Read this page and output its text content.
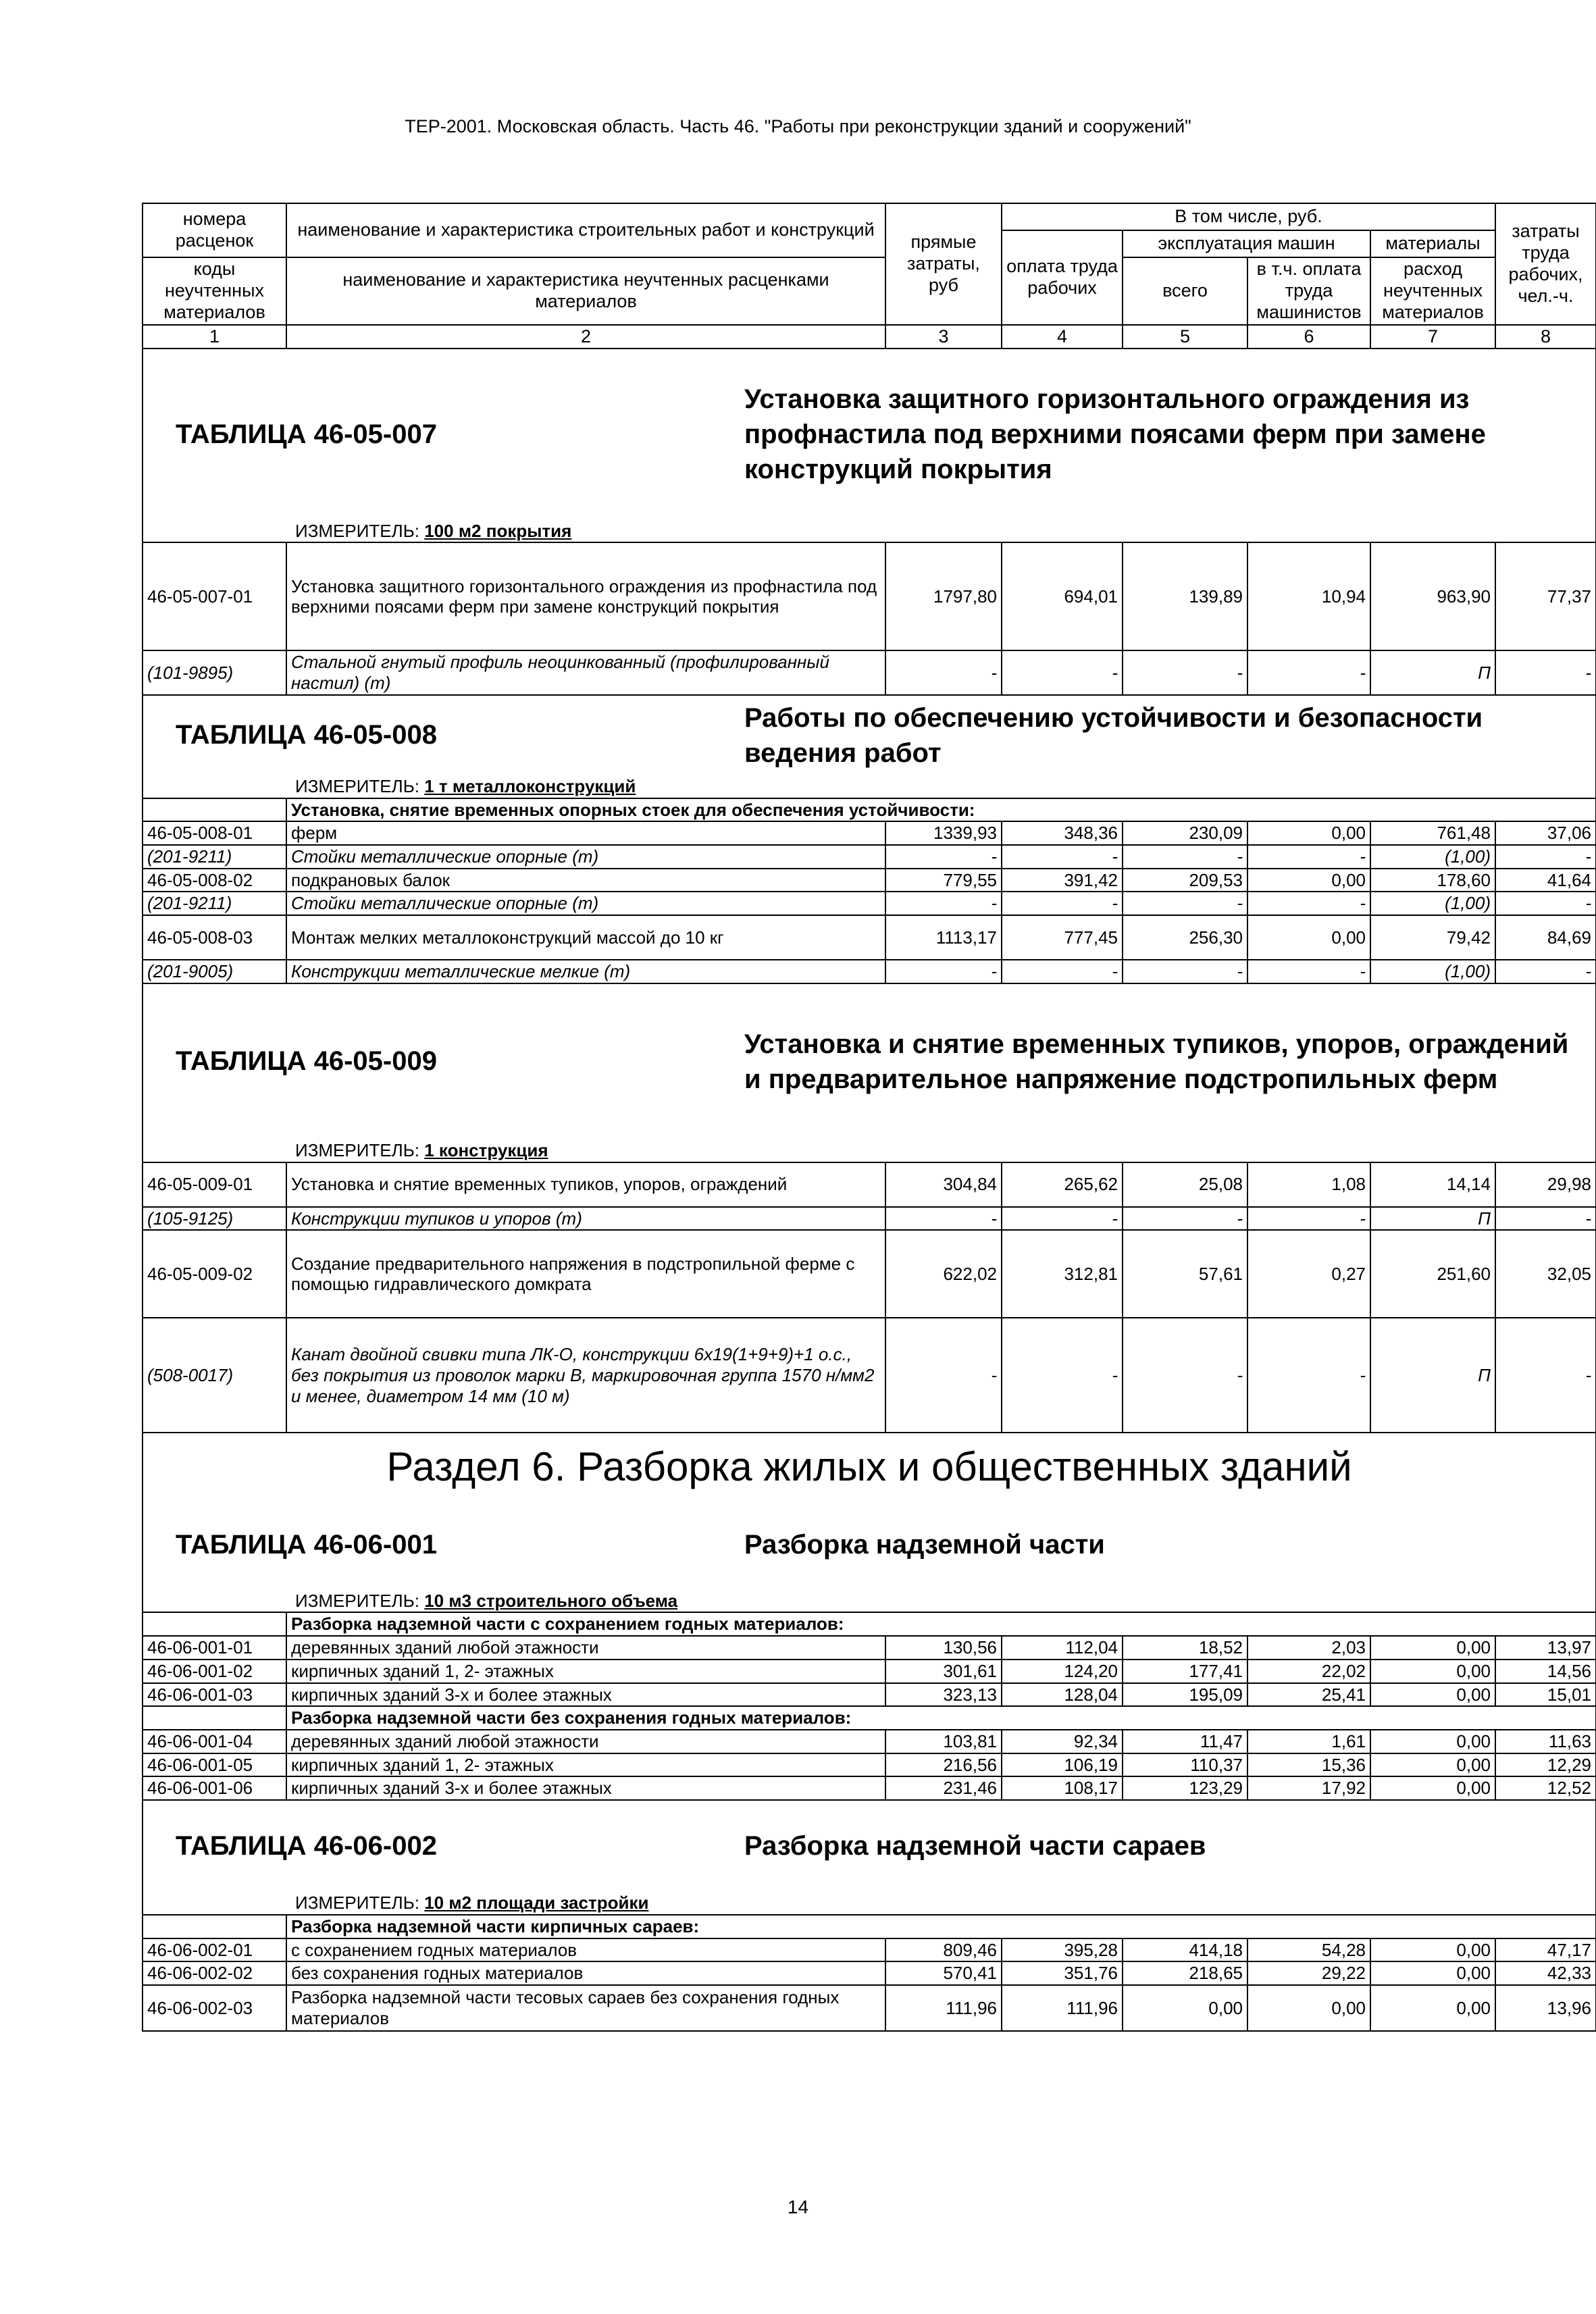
ТЕР-2001. Московская область. Часть 46. "Работы при реконструкции зданий и сооружений"
номера расценок	наименование и характеристика строительных работ и конструкций	прямые затраты, руб	В том числе, руб.				затраты труда рабочих, чел.-ч.
			оплата труда рабочих	эксплуатация машин		материалы	
коды неучтенных материалов	наименование и характеристика неучтенных расценками материалов			всего	в т.ч. оплата труда машинистов	расход неучтенных материалов	

1	2	3	4	5	6	7	8

ТАБЛИЦА 46-05-007
Установка защитного горизонтального ограждения из профнастила под верхними поясами ферм при замене конструкций покрытия							

ИЗМЕРИТЕЛЬ: 100 м2 покрытия							
46-05-007-01	Установка защитного горизонтального ограждения из профнастила под верхними поясами ферм при замене конструкций покрытия	1797,80	694,01	139,89	10,94	963,90	77,37
(101-9895)	Стальной гнутый профиль неоцинкованный (профилированный настил) (т)	-	-	-	-	П	-

ТАБЛИЦА 46-05-008
Работы по обеспечению устойчивости и безопасности ведения работ							

ИЗМЕРИТЕЛЬ: 1 т металлоконструкций							
	Установка, снятие временных опорных стоек для обеспечения устойчивости:						
46-05-008-01	ферм	1339,93	348,36	230,09	0,00	761,48	37,06
(201-9211)	Стойки металлические опорные (т)	-	-	-	-	(1,00)	-
46-05-008-02	подкрановых балок	779,55	391,42	209,53	0,00	178,60	41,64
(201-9211)	Стойки металлические опорные (т)	-	-	-	-	(1,00)	-
46-05-008-03	Монтаж мелких металлоконструкций массой до 10 кг	1113,17	777,45	256,30	0,00	79,42	84,69
(201-9005)	Конструкции металлические мелкие (т)	-	-	-	-	(1,00)	-

ТАБЛИЦА 46-05-009
Установка и снятие временных тупиков, упоров, ограждений и предварительное напряжение подстропильных ферм							

ИЗМЕРИТЕЛЬ: 1 конструкция							
46-05-009-01	Установка и снятие временных тупиков, упоров, ограждений	304,84	265,62	25,08	1,08	14,14	29,98
(105-9125)	Конструкции тупиков и упоров (т)	-	-	-	-	П	-
46-05-009-02	Создание предварительного напряжения в подстропильной ферме с помощью гидравлического домкрата	622,02	312,81	57,61	0,27	251,60	32,05
(508-0017)	Канат двойной свивки типа ЛК-О, конструкции 6х19(1+9+9)+1 о.с., без покрытия из проволок марки В, маркировочная группа 1570 н/мм2 и менее, диаметром 14 мм (10 м)	-	-	-	-	П	-
Раздел 6. Разборка жилых и общественных зданий							

ТАБЛИЦА 46-06-001 Разборка надземной части							

ИЗМЕРИТЕЛЬ: 10 м3 строительного объема							
	Разборка надземной части с сохранением годных материалов:						
46-06-001-01	деревянных зданий любой этажности	130,56	112,04	18,52	2,03	0,00	13,97
46-06-001-02	кирпичных зданий 1, 2- этажных	301,61	124,20	177,41	22,02	0,00	14,56
46-06-001-03	кирпичных зданий 3-х и более этажных	323,13	128,04	195,09	25,41	0,00	15,01
	Разборка надземной части без сохранения годных материалов:						
46-06-001-04	деревянных зданий любой этажности	103,81	92,34	11,47	1,61	0,00	11,63
46-06-001-05	кирпичных зданий 1, 2- этажных	216,56	106,19	110,37	15,36	0,00	12,29
46-06-001-06	кирпичных зданий 3-х и более этажных	231,46	108,17	123,29	17,92	0,00	12,52

ТАБЛИЦА 46-06-002 Разборка надземной части сараев							

ИЗМЕРИТЕЛЬ: 10 м2 площади застройки							
	Разборка надземной части кирпичных сараев:						
46-06-002-01	с сохранением годных материалов	809,46	395,28	414,18	54,28	0,00	47,17
46-06-002-02	без сохранения годных материалов	570,41	351,76	218,65	29,22	0,00	42,33
46-06-002-03	Разборка надземной части тесовых сараев без сохранения годных материалов	111,96	111,96	0,00	0,00	0,00	13,96
14
